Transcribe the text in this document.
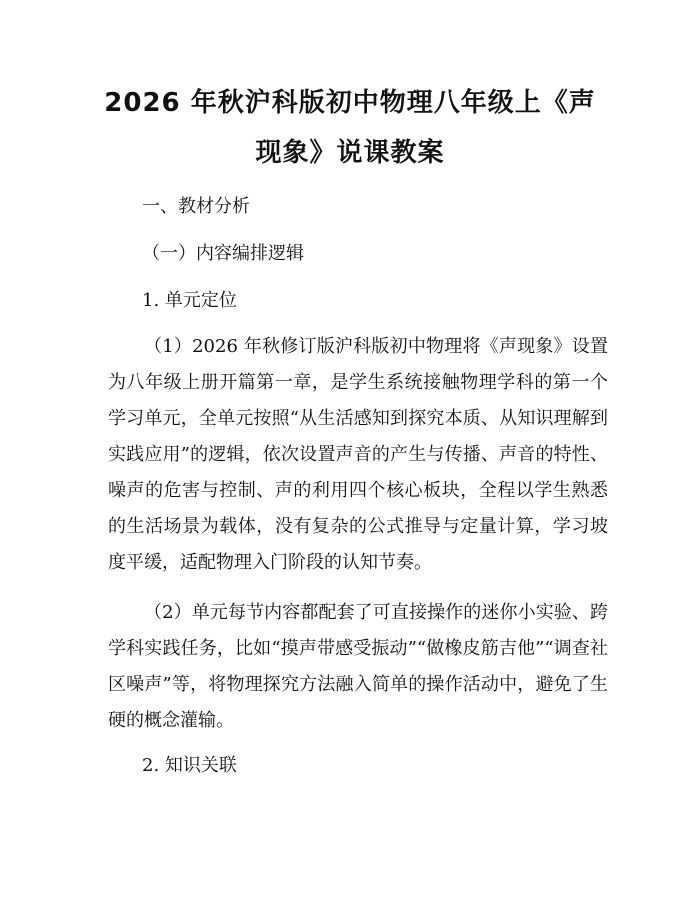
2026 年秋沪科版初中物理八年级上《声现象》说课教案
一、教材分析
（一）内容编排逻辑
1. 单元定位
（1）2026 年秋修订版沪科版初中物理将《声现象》设置为八年级上册开篇第一章，是学生系统接触物理学科的第一个学习单元，全单元按照“从生活感知到探究本质、从知识理解到实践应用”的逻辑，依次设置声音的产生与传播、声音的特性、噪声的危害与控制、声的利用四个核心板块，全程以学生熟悉的生活场景为载体，没有复杂的公式推导与定量计算，学习坡度平缓，适配物理入门阶段的认知节奏。
（2）单元每节内容都配套了可直接操作的迷你小实验、跨学科实践任务，比如“摸声带感受振动”“做橡皮筋吉他”“调查社区噪声”等，将物理探究方法融入简单的操作活动中，避免了生硬的概念灌输。
2. 知识关联
